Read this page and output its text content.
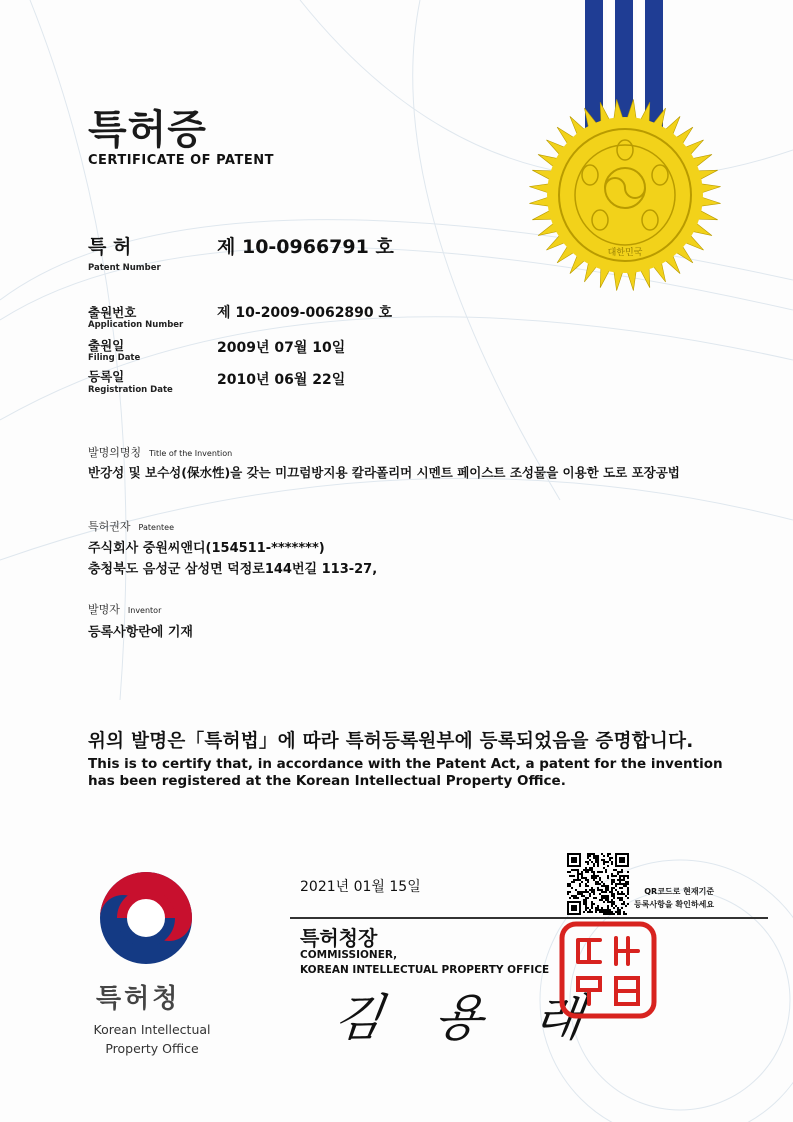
대한민국
특허증
CERTIFICATE OF PATENT
특 허
Patent Number
제 10-0966791 호
출원번호
Application Number
제 10-2009-0062890 호
출원일
Filing Date
2009년 07월 10일
등록일
Registration Date
2010년 06월 22일
발명의명칭 Title of the Invention
반강성 및 보수성(保水性)을 갖는 미끄럼방지용 칼라폴리머 시멘트 페이스트 조성물을 이용한 도로 포장공법
특허권자 Patentee
주식회사 중원씨앤디(154511-*******)
충청북도 음성군 삼성면 덕정로144번길 113-27,
발명자 Inventor
등록사항란에 기재
위의 발명은「특허법」에 따라 특허등록원부에 등록되었음을 증명합니다.
This is to certify that, in accordance with the Patent Act, a patent for the invention has been registered at the Korean Intellectual Property Office.
특허청
Korean Intellectual
Property Office
2021년 01월 15일	QR코드로 현재기준
등록사항을 확인하세요
특허청장
COMMISSIONER,
KOREAN INTELLECTUAL PROPERTY OFFICE
김 용 래
